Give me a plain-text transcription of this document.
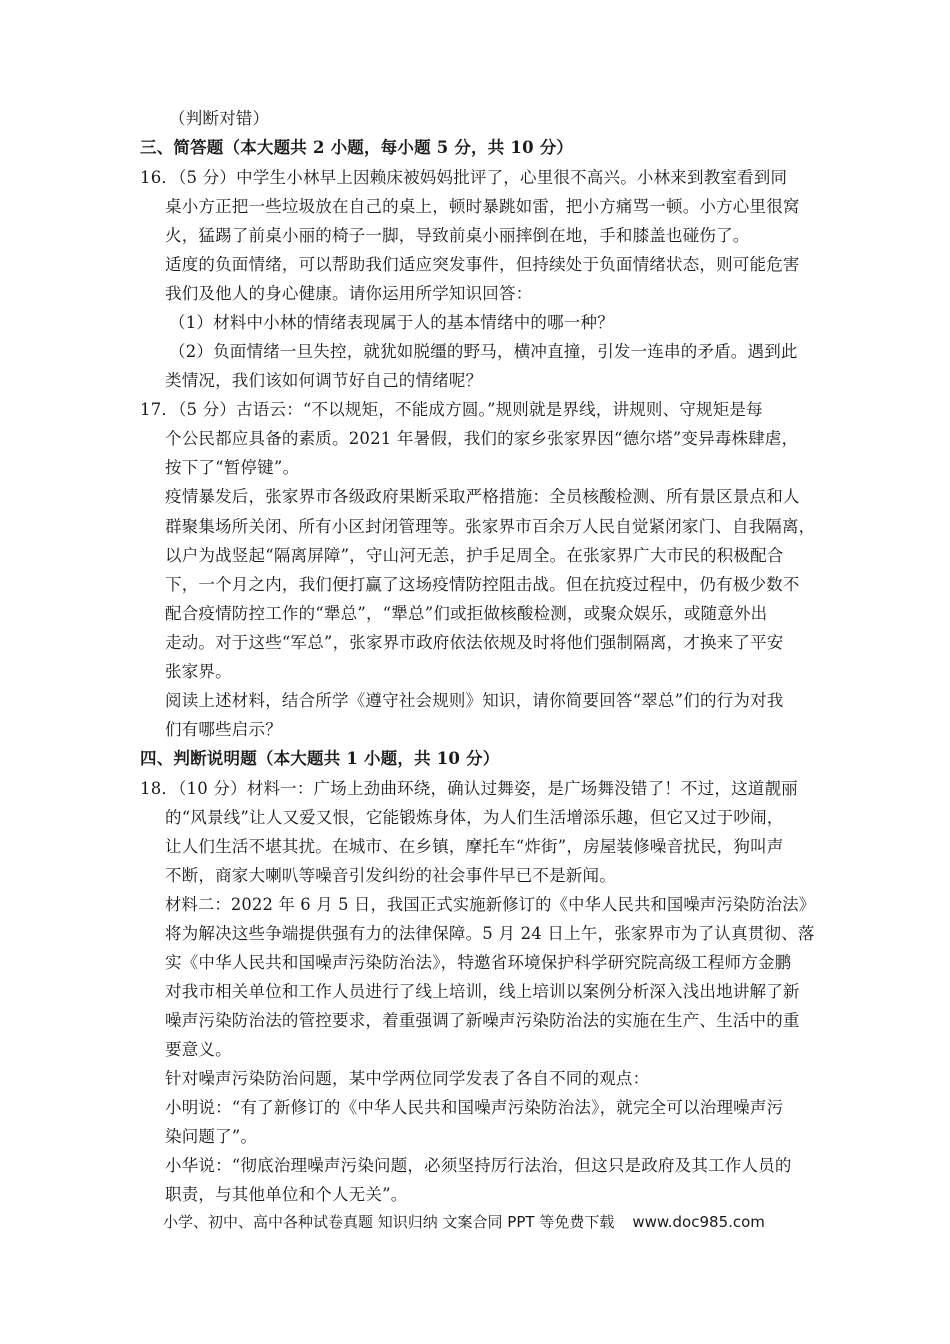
（判断对错）
三、简答题（本大题共 2 小题，每小题 5 分，共 10 分）
16．（5 分）中学生小林早上因赖床被妈妈批评了，心里很不高兴。小林来到教室看到同
桌小方正把一些垃圾放在自己的桌上，顿时暴跳如雷，把小方痛骂一顿。小方心里很窝
火，猛踢了前桌小丽的椅子一脚，导致前桌小丽摔倒在地，手和膝盖也碰伤了。
适度的负面情绪，可以帮助我们适应突发事件，但持续处于负面情绪状态，则可能危害
我们及他人的身心健康。请你运用所学知识回答：
（1）材料中小林的情绪表现属于人的基本情绪中的哪一种？
（2）负面情绪一旦失控，就犹如脱缰的野马，横冲直撞，引发一连串的矛盾。遇到此
类情况，我们该如何调节好自己的情绪呢？
17．（5 分）古语云：“不以规矩，不能成方圆。”规则就是界线，讲规则、守规矩是每
个公民都应具备的素质。2021 年暑假，我们的家乡张家界因“德尔塔”变异毒株肆虐，
按下了“暂停键”。
疫情暴发后，张家界市各级政府果断采取严格措施：全员核酸检测、所有景区景点和人
群聚集场所关闭、所有小区封闭管理等。张家界市百余万人民自觉紧闭家门、自我隔离，
以户为战竖起“隔离屏障”，守山河无恙，护手足周全。在张家界广大市民的积极配合
下，一个月之内，我们便打赢了这场疫情防控阻击战。但在抗疫过程中，仍有极少数不
配合疫情防控工作的“犟总”，“犟总”们或拒做核酸检测，或聚众娱乐，或随意外出
走动。对于这些“军总”，张家界市政府依法依规及时将他们强制隔离，才换来了平安
张家界。
阅读上述材料，结合所学《遵守社会规则》知识，请你简要回答“翠总”们的行为对我
们有哪些启示？
四、判断说明题（本大题共 1 小题，共 10 分）
18．（10 分）材料一：广场上劲曲环绕，确认过舞姿，是广场舞没错了！不过，这道靓丽
的“风景线”让人又爱又恨，它能锻炼身体，为人们生活增添乐趣，但它又过于吵闹，
让人们生活不堪其扰。在城市、在乡镇，摩托车“炸街”，房屋装修噪音扰民，狗叫声
不断，商家大喇叭等噪音引发纠纷的社会事件早已不是新闻。
材料二：2022 年 6 月 5 日，我国正式实施新修订的《中华人民共和国噪声污染防治法》
将为解决这些争端提供强有力的法律保障。5 月 24 日上午，张家界市为了认真贯彻、落
实《中华人民共和国噪声污染防治法》，特邀省环境保护科学研究院高级工程师方金鹏
对我市相关单位和工作人员进行了线上培训，线上培训以案例分析深入浅出地讲解了新
噪声污染防治法的管控要求，着重强调了新噪声污染防治法的实施在生产、生活中的重
要意义。
针对噪声污染防治问题，某中学两位同学发表了各自不同的观点：
小明说：“有了新修订的《中华人民共和国噪声污染防治法》，就完全可以治理噪声污
染问题了”。
小华说：“彻底治理噪声污染问题，必须坚持厉行法治，但这只是政府及其工作人员的
职责，与其他单位和个人无关”。
小学、初中、高中各种试卷真题 知识归纳 文案合同 PPT 等免费下载 www.doc985.com
